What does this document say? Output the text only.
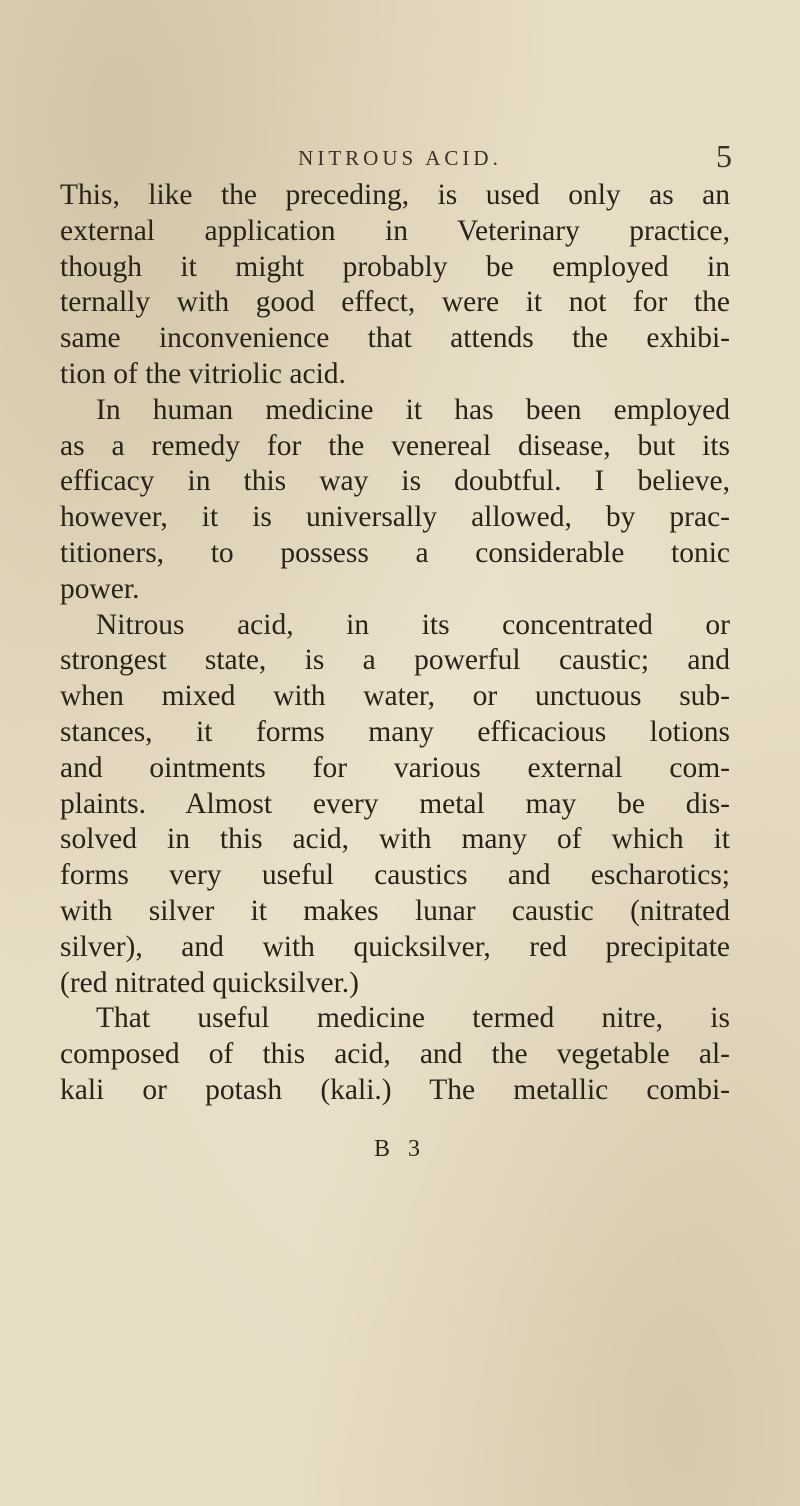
NITROUS ACID.	5
This, like the preceding, is used only as an
external application in Veterinary practice,
though it might probably be employed in
ternally with good effect, were it not for the
same inconvenience that attends the exhibi-
tion of the vitriolic acid.
In human medicine it has been employed
as a remedy for the venereal disease, but its
efficacy in this way is doubtful. I believe,
however, it is universally allowed, by prac-
titioners, to possess a considerable tonic
power.
Nitrous acid, in its concentrated or
strongest state, is a powerful caustic; and
when mixed with water, or unctuous sub-
stances, it forms many efficacious lotions
and ointments for various external com-
plaints. Almost every metal may be dis-
solved in this acid, with many of which it
forms very useful caustics and escharotics;
with silver it makes lunar caustic (nitrated
silver), and with quicksilver, red precipitate
(red nitrated quicksilver.)
That useful medicine termed nitre, is
composed of this acid, and the vegetable al-
kali or potash (kali.) The metallic combi-
B 3
